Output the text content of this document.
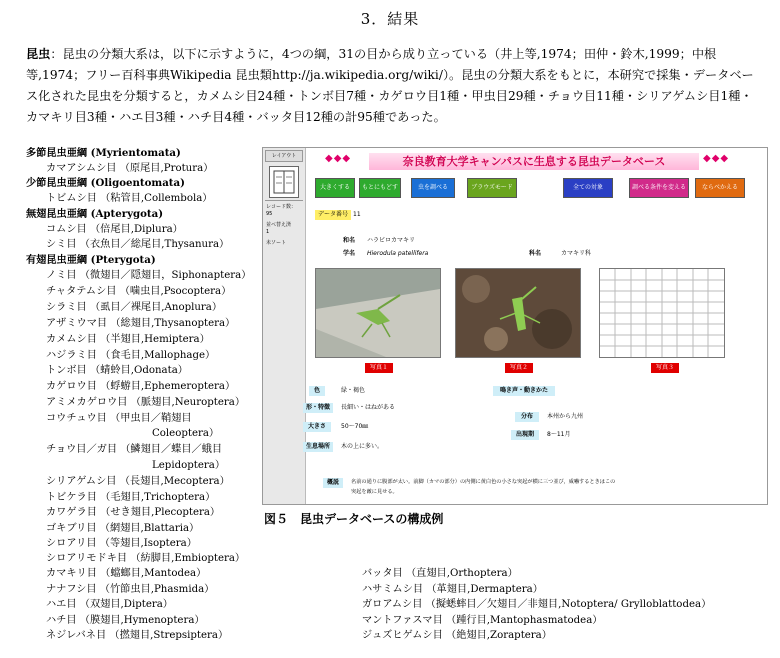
3．結果
昆虫：昆虫の分類大系は，以下に示すように，4つの綱，31の目から成り立っている（井上等,1974；田仲・鈴木,1999；中根等,1974；フリー百科事典Wikipedia 昆虫類http://ja.wikipedia.org/wiki/）。昆虫の分類大系をもとに，本研究で採集・データベース化された昆虫を分類すると，カメムシ目24種・トンボ目7種・カゲロウ目1種・甲虫目29種・チョウ目11種・シリアゲムシ目1種・カマキリ目3種・ハエ目3種・ハチ目4種・バッタ目12種の計95種であった。
多節昆虫亜綱 (Myrientomata)
カマアシムシ目 （原尾目,Protura）
少節昆虫亜綱 (Oligoentomata)
トビムシ目 （粘管目,Collembola）
無翅昆虫亜綱 (Apterygota)
コムシ目 （倍尾目,Diplura）
シミ目 （衣魚目／総尾目,Thysanura）
有翅昆虫亜綱 (Pterygota)
ノミ目 （微翅目／隠翅目，Siphonaptera）
チャタテムシ目 （噛虫目,Psocoptera）
シラミ目 （虱目／裸尾目,Anoplura）
アザミウマ目 （総翅目,Thysanoptera）
カメムシ目 （半翅目,Hemiptera）
ハジラミ目 （食毛目,Mallophage）
トンボ目 （蜻蛉目,Odonata）
カゲロウ目 （蜉蝣目,Ephemeroptera）
アミメカゲロウ目 （脈翅目,Neuroptera）
コウチュウ目 （甲虫目／鞘翅目
Coleoptera）
チョウ目／ガ目 （鱗翅目／蝶目／蛾目
Lepidoptera）
シリアゲムシ目 （長翅目,Mecoptera）
トビケラ目 （毛翅目,Trichoptera）
カワゲラ目 （せき翅目,Plecoptera）
ゴキブリ目 （網翅目,Blattaria）
シロアリ目 （等翅目,Isoptera）
シロアリモドキ目 （紡脚目,Embioptera）
カマキリ目 （蟷螂目,Mantodea）
ナナフシ目 （竹節虫目,Phasmida）
ハエ目 （双翅目,Diptera）
ハチ目 （膜翅目,Hymenoptera）
ネジレバネ目 （撚翅目,Strepsiptera）
バッタ目 （直翅目,Orthoptera）
ハサミムシ目 （革翅目,Dermaptera）
ガロアムシ目 （擬蟋蟀目／欠翅目／非翅目,Notoptera/ Grylloblattodea）
マントファスマ目 （踵行目,Mantophasmatodea）
ジュズヒゲムシ目 （絶翅目,Zoraptera）
レイアウト
レコード数：
95
並べ替え済
1
未ソート
◆◆◆	奈良教育大学キャンパスに生息する昆虫データベース	◆◆◆
大きくする	もとにもどす	虫を調べる	ブラウズモード	全ての対象	調べる条件を変える	ならべかえる
データ番号 11
和名 ハラビロカマキリ
学名 Hierodula patellifera	科名	カマキリ科
写真１	写真２	写真３
色	緑・褐色	鳴き声・動きかた
形・特徴	長細い・はねがある
分布	本州から九州
大きさ	50〜70㎜
出現期	8〜11月
生息場所	木の上に多い。
概説	名前の通りに腹部が太い。前脚（カマの部分）の内側に黄白色の小さな突起が横に三つ並び，威嚇するときはこの
突起を敵に見せる。
図５　昆虫データベースの構成例
